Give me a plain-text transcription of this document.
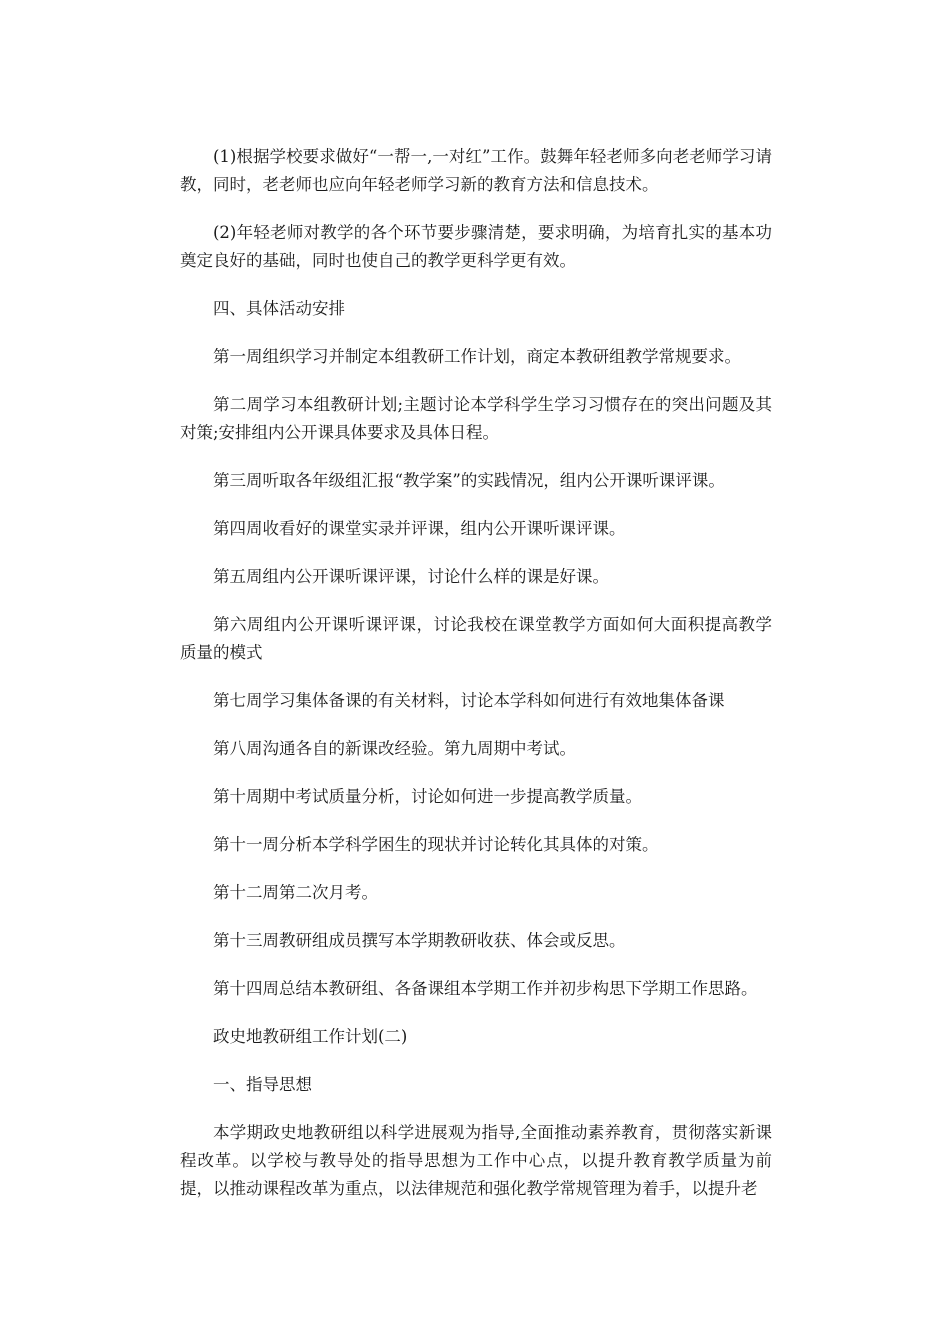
(1)根据学校要求做好“一帮一,一对红”工作。鼓舞年轻老师多向老老师学习请教，同时，老老师也应向年轻老师学习新的教育方法和信息技术。

(2)年轻老师对教学的各个环节要步骤清楚，要求明确，为培育扎实的基本功奠定良好的基础，同时也使自己的教学更科学更有效。

四、具体活动安排

第一周组织学习并制定本组教研工作计划，商定本教研组教学常规要求。

第二周学习本组教研计划;主题讨论本学科学生学习习惯存在的突出问题及其对策;安排组内公开课具体要求及具体日程。

第三周听取各年级组汇报“教学案”的实践情况，组内公开课听课评课。

第四周收看好的课堂实录并评课，组内公开课听课评课。

第五周组内公开课听课评课，讨论什么样的课是好课。

第六周组内公开课听课评课，讨论我校在课堂教学方面如何大面积提高教学质量的模式

第七周学习集体备课的有关材料，讨论本学科如何进行有效地集体备课

第八周沟通各自的新课改经验。第九周期中考试。

第十周期中考试质量分析，讨论如何进一步提高教学质量。

第十一周分析本学科学困生的现状并讨论转化其具体的对策。

第十二周第二次月考。

第十三周教研组成员撰写本学期教研收获、体会或反思。

第十四周总结本教研组、各备课组本学期工作并初步构思下学期工作思路。

政史地教研组工作计划(二)

一、指导思想

本学期政史地教研组以科学进展观为指导,全面推动素养教育，贯彻落实新课程改革。以学校与教导处的指导思想为工作中心点，以提升教育教学质量为前提，以推动课程改革为重点，以法律规范和强化教学常规管理为着手，以提升老
